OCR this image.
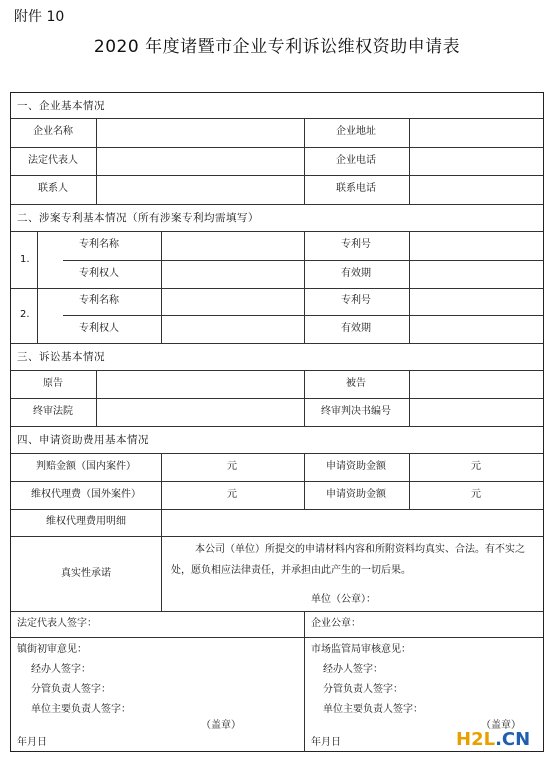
附件 10
2020 年度诸暨市企业专利诉讼维权资助申请表
一、企业基本情况
企业名称	企业地址
法定代表人	企业电话
联系人	联系电话
二、涉案专利基本情况（所有涉案专利均需填写）
1.
专利名称	专利号
专利权人	有效期
2.
专利名称	专利号
专利权人	有效期
三、诉讼基本情况
原告	被告
终审法院	终审判决书编号
四、申请资助费用基本情况
判赔金额（国内案件）	元	申请资助金额	元
维权代理费（国外案件）	元	申请资助金额	元
维权代理费用明细
真实性承诺
本公司（单位）所提交的申请材料内容和所附资料均真实、合法。有不实之处，愿负相应法律责任，并承担由此产生的一切后果。
单位（公章）：
法定代表人签字：	企业公章：
镇街初审意见：
经办人签字：
分管负责人签字：
单位主要负责人签字：
（盖章）
年月日
市场监管局审核意见：
经办人签字：
分管负责人签字：
单位主要负责人签字：
（盖章）
年月日	H2L.CN
